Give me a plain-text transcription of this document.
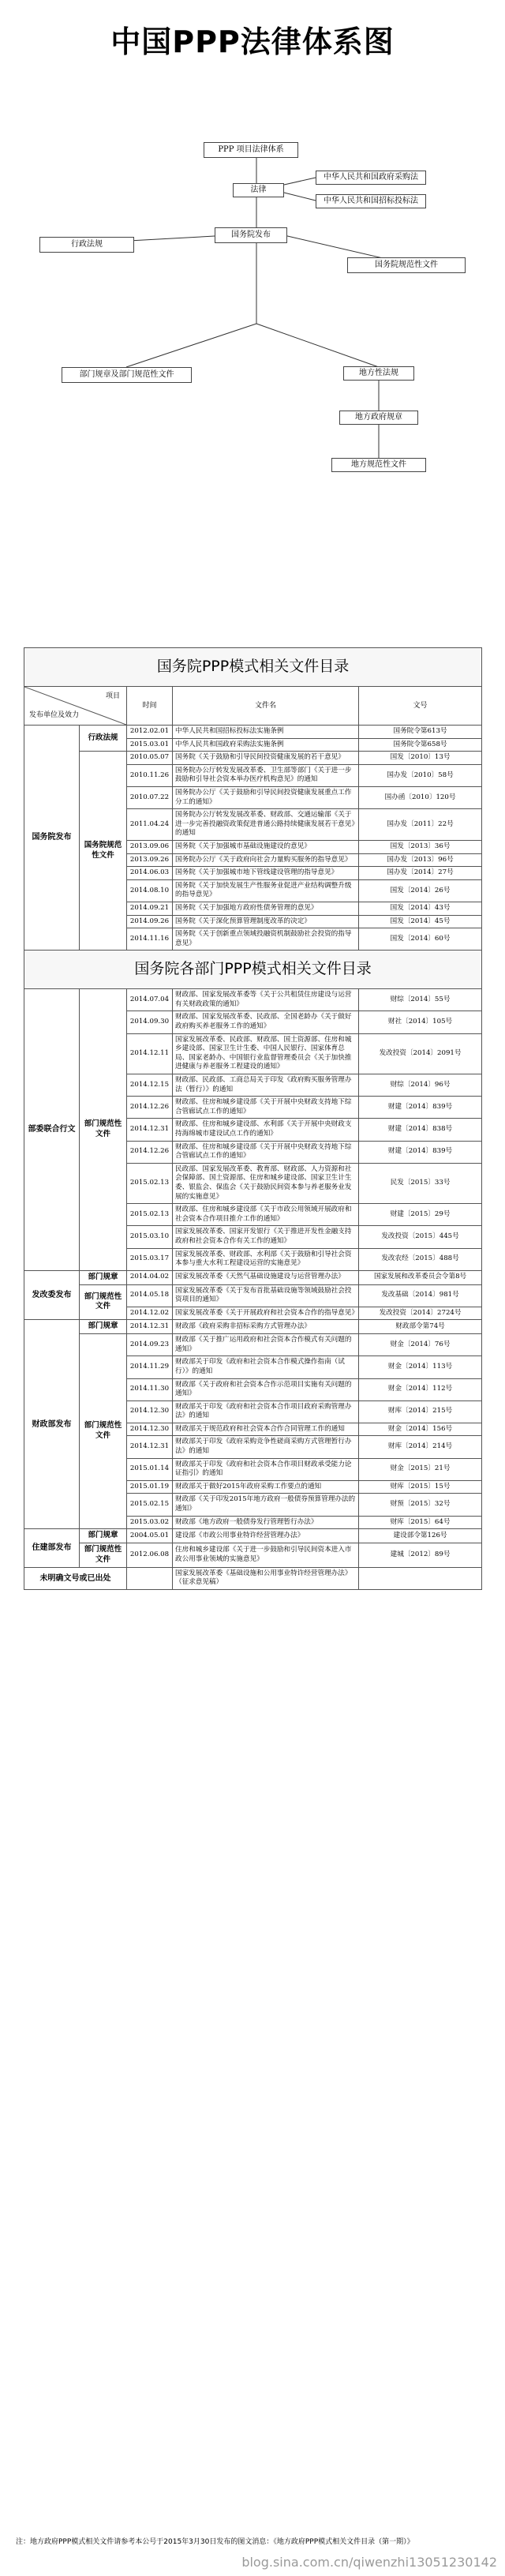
中国PPP法律体系图
PPP 项目法律体系
法律
中华人民共和国政府采购法
中华人民共和国招标投标法
国务院发布
行政法规
国务院规范性文件
部门规章及部门规范性文件	地方性法规
地方政府规章
地方规范性文件
国务院PPP模式相关文件目录				

项目
发布单位及效力		时间	文件名	文号
国务院发布	行政法规	2012.02.01	中华人民共和国招标投标法实施条例	国务院令第613号
		2015.03.01	中华人民共和国政府采购法实施条例	国务院令第658号
	国务院规范性文件	2010.05.07	国务院《关于鼓励和引导民间投资健康发展的若干意见》	国发〔2010〕13号
		2010.11.26	国务院办公厅转发发展改革委、卫生部等部门《关于进一步鼓励和引导社会资本举办医疗机构意见》的通知	国办发〔2010〕58号
		2010.07.22	国务院办公厅《关于鼓励和引导民间投资健康发展重点工作分工的通知》	国办函〔2010〕120号
		2011.04.24	国务院办公厅转发发展改革委、财政部、交通运输部《关于进一步完善投融资政策促进普通公路持续健康发展若干意见》的通知	国办发〔2011〕22号
		2013.09.06	国务院《关于加强城市基础设施建设的意见》	国发〔2013〕36号
		2013.09.26	国务院办公厅《关于政府向社会力量购买服务的指导意见》	国办发〔2013〕96号
		2014.06.03	国务院《关于加强城市地下管线建设管理的指导意见》	国办发〔2014〕27号
		2014.08.10	国务院《关于加快发展生产性服务业促进产业结构调整升级的指导意见》	国发〔2014〕26号
		2014.09.21	国务院《关于加强地方政府性债务管理的意见》	国发〔2014〕43号
		2014.09.26	国务院《关于深化预算管理制度改革的决定》	国发〔2014〕45号
		2014.11.16	国务院《关于创新重点领域投融资机制鼓励社会投资的指导意见》	国发〔2014〕60号
国务院各部门PPP模式相关文件目录				
部委联合行文	部门规范性文件	2014.07.04	财政部、国家发展改革委等《关于公共租赁住房建设与运营有关财政政策的通知》	财综〔2014〕55号
		2014.09.30	财政部、国家发展改革委、民政部、全国老龄办《关于做好政府购买养老服务工作的通知》	财社〔2014〕105号
		2014.12.11	国家发展改革委、民政部、财政部、国土资源部、住房和城乡建设部、国家卫生计生委、中国人民银行、国家体育总局、国家老龄办、中国银行业监督管理委员会《关于加快推进健康与养老服务工程建设的通知》	发改投资〔2014〕2091号
		2014.12.15	财政部、民政部、工商总局关于印发《政府购买服务管理办法（暂行）》的通知	财综〔2014〕96号
		2014.12.26	财政部、住房和城乡建设部《关于开展中央财政支持地下综合管廊试点工作的通知》	财建〔2014〕839号
		2014.12.31	财政部、住房和城乡建设部、水利部《关于开展中央财政支持海绵城市建设试点工作的通知》	财建〔2014〕838号
		2014.12.26	财政部、住房和城乡建设部《关于开展中央财政支持地下综合管廊试点工作的通知》	财建〔2014〕839号
		2015.02.13	民政部、国家发展改革委、教育部、财政部、人力资源和社会保障部、国土资源部、住房和城乡建设部、国家卫生计生委、银监会、保监会《关于鼓励民间资本参与养老服务业发展的实施意见》	民发〔2015〕33号
		2015.02.13	财政部、住房和城乡建设部《关于市政公用领域开展政府和社会资本合作项目推介工作的通知》	财建〔2015〕29号
		2015.03.10	国家发展改革委、国家开发银行《关于推进开发性金融支持政府和社会资本合作有关工作的通知》	发改投资〔2015〕445号
		2015.03.17	国家发展改革委、财政部、水利部《关于鼓励和引导社会资本参与重大水利工程建设运营的实施意见》	发改农经〔2015〕488号
发改委发布	部门规章	2014.04.02	国家发展改革委《天然气基础设施建设与运营管理办法》	国家发展和改革委员会令第8号
	部门规范性文件	2014.05.18	国家发展改革委《关于发布首批基础设施等领域鼓励社会投资项目的通知》	发改基础〔2014〕981号
		2014.12.02	国家发展改革委《关于开展政府和社会资本合作的指导意见》	发改投资〔2014〕2724号
财政部发布	部门规章	2014.12.31	财政部《政府采购非招标采购方式管理办法》	财政部令第74号
	部门规范性文件	2014.09.23	财政部《关于推广运用政府和社会资本合作模式有关问题的通知》	财金〔2014〕76号
		2014.11.29	财政部关于印发《政府和社会资本合作模式操作指南（试行）》的通知	财金〔2014〕113号
		2014.11.30	财政部《关于政府和社会资本合作示范项目实施有关问题的通知》	财金〔2014〕112号
		2014.12.30	财政部关于印发《政府和社会资本合作项目政府采购管理办法》的通知	财库〔2014〕215号
		2014.12.30	财政部关于规范政府和社会资本合作合同管理工作的通知	财金〔2014〕156号
		2014.12.31	财政部关于印发《政府采购竞争性磋商采购方式管理暂行办法》的通知	财库〔2014〕214号
		2015.01.14	财政部关于印发《政府和社会资本合作项目财政承受能力论证指引》的通知	财金〔2015〕21号
		2015.01.19	财政部关于做好2015年政府采购工作要点的通知	财库〔2015〕15号
		2015.02.15	财政部《关于印发2015年地方政府一般债券预算管理办法的通知》	财预〔2015〕32号
		2015.03.02	财政部《地方政府一般债券发行管理暂行办法》	财库〔2015〕64号
住建部发布	部门规章	2004.05.01	建设部《市政公用事业特许经营管理办法》	建设部令第126号
	部门规范性文件	2012.06.08	住房和城乡建设部《关于进一步鼓励和引导民间资本进入市政公用事业领域的实施意见》	建城〔2012〕89号
未明确文号或已出处			国家发展改革委《基础设施和公用事业特许经营管理办法》（征求意见稿）	
注：地方政府PPP模式相关文件请参考本公号于2015年3月30日发布的图文消息：《地方政府PPP模式相关文件目录（第一期）》
blog.sina.com.cn/qiwenzhi13051230142
